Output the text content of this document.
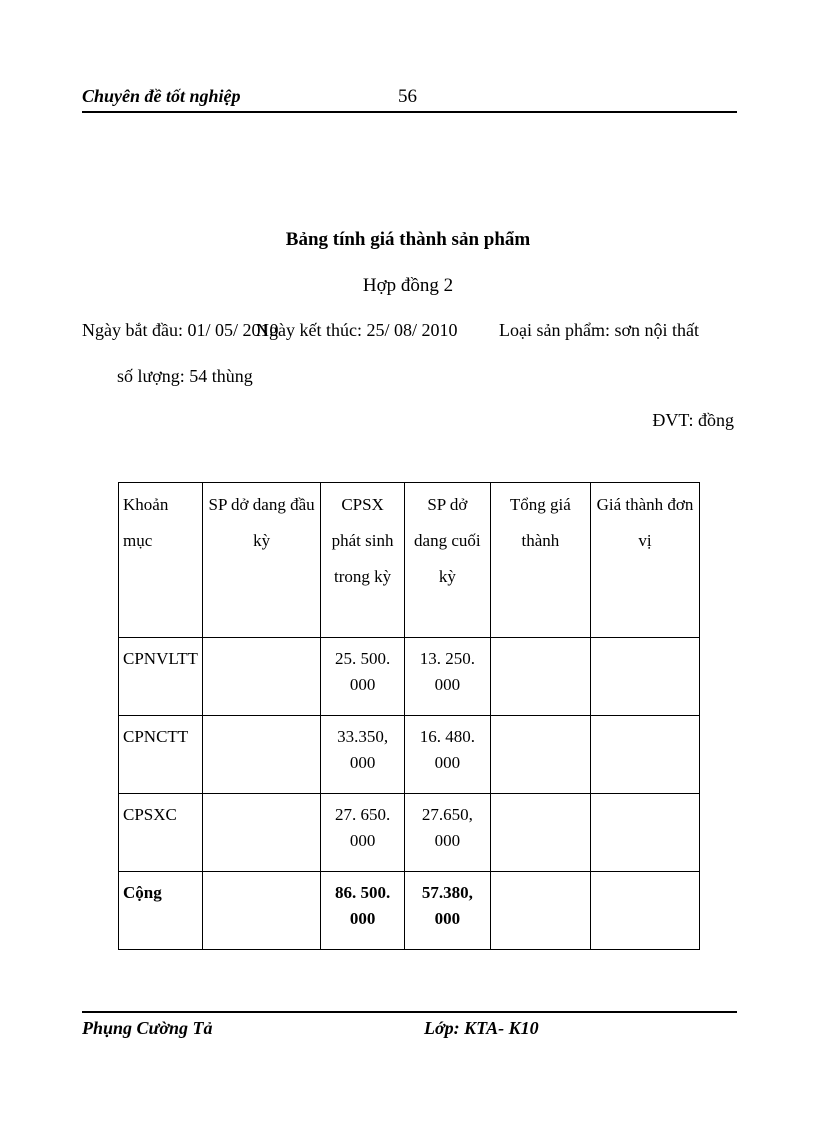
Chuyên đề tốt nghiệp	56
Bảng tính giá thành sản phẩm
Hợp đồng 2
Ngày bắt đầu: 01/ 05/ 2010
Ngày kết thúc: 25/ 08/ 2010 Loại sản phẩm: sơn nội thất
số lượng: 54 thùng
ĐVT: đồng
Khoản mục	SP dở dang đầu kỳ	CPSX phát sinh trong kỳ	SP dở dang cuối kỳ	Tổng giá thành	Giá thành đơn vị
CPNVLTT		25. 500. 000	13. 250. 000		
CPNCTT		33.350, 000	16. 480. 000		
CPSXC		27. 650. 000	27.650, 000		
Cộng		86. 500. 000	57.380, 000		
Phụng Cường Tả	Lớp: KTA- K10
